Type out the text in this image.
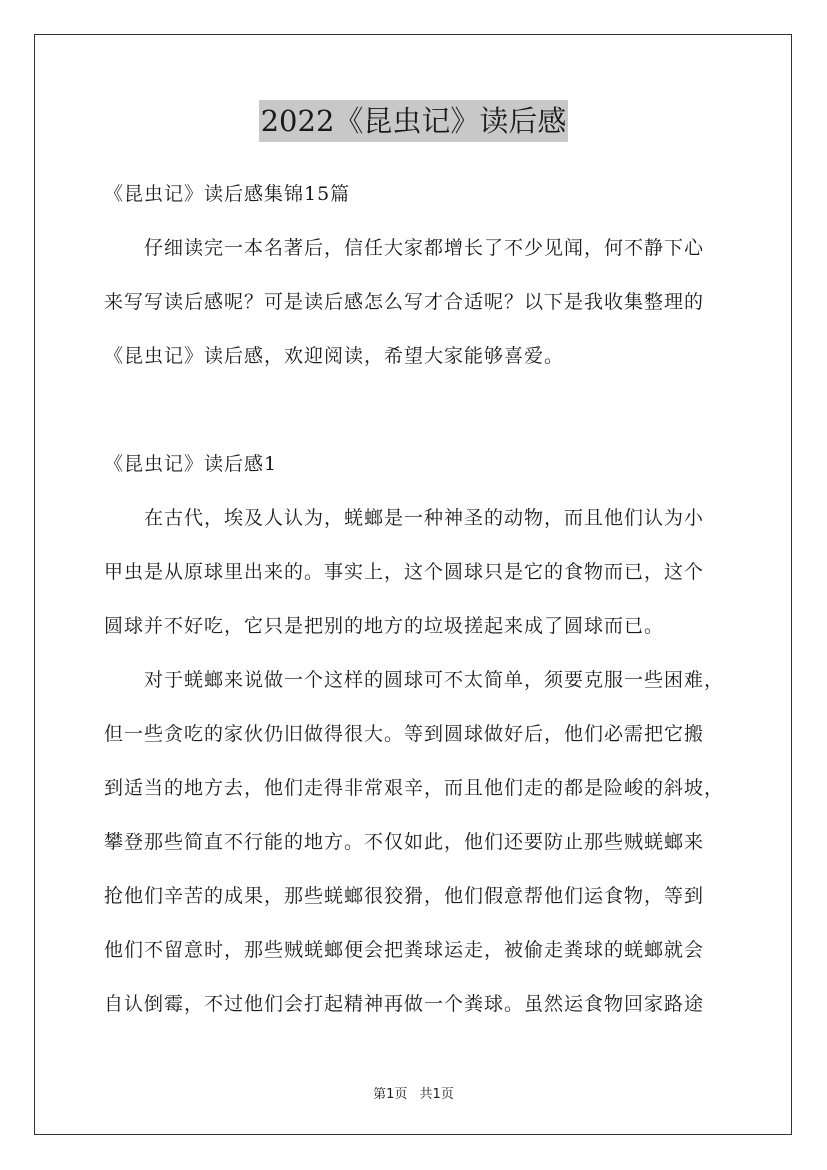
2022《昆虫记》读后感
《昆虫记》读后感集锦15篇
仔细读完一本名著后，信任大家都增长了不少见闻，何不静下心
来写写读后感呢？可是读后感怎么写才合适呢？以下是我收集整理的
《昆虫记》读后感，欢迎阅读，希望大家能够喜爱。
《昆虫记》读后感1
在古代，埃及人认为，蜣螂是一种神圣的动物，而且他们认为小
甲虫是从原球里出来的。事实上，这个圆球只是它的食物而已，这个
圆球并不好吃，它只是把别的地方的垃圾搓起来成了圆球而已。
对于蜣螂来说做一个这样的圆球可不太简单，须要克服一些困难，
但一些贪吃的家伙仍旧做得很大。等到圆球做好后，他们必需把它搬
到适当的地方去，他们走得非常艰辛，而且他们走的都是险峻的斜坡，
攀登那些简直不行能的地方。不仅如此，他们还要防止那些贼蜣螂来
抢他们辛苦的成果，那些蜣螂很狡猾，他们假意帮他们运食物，等到
他们不留意时，那些贼蜣螂便会把粪球运走，被偷走粪球的蜣螂就会
自认倒霉，不过他们会打起精神再做一个粪球。虽然运食物回家路途
第1页 共1页
